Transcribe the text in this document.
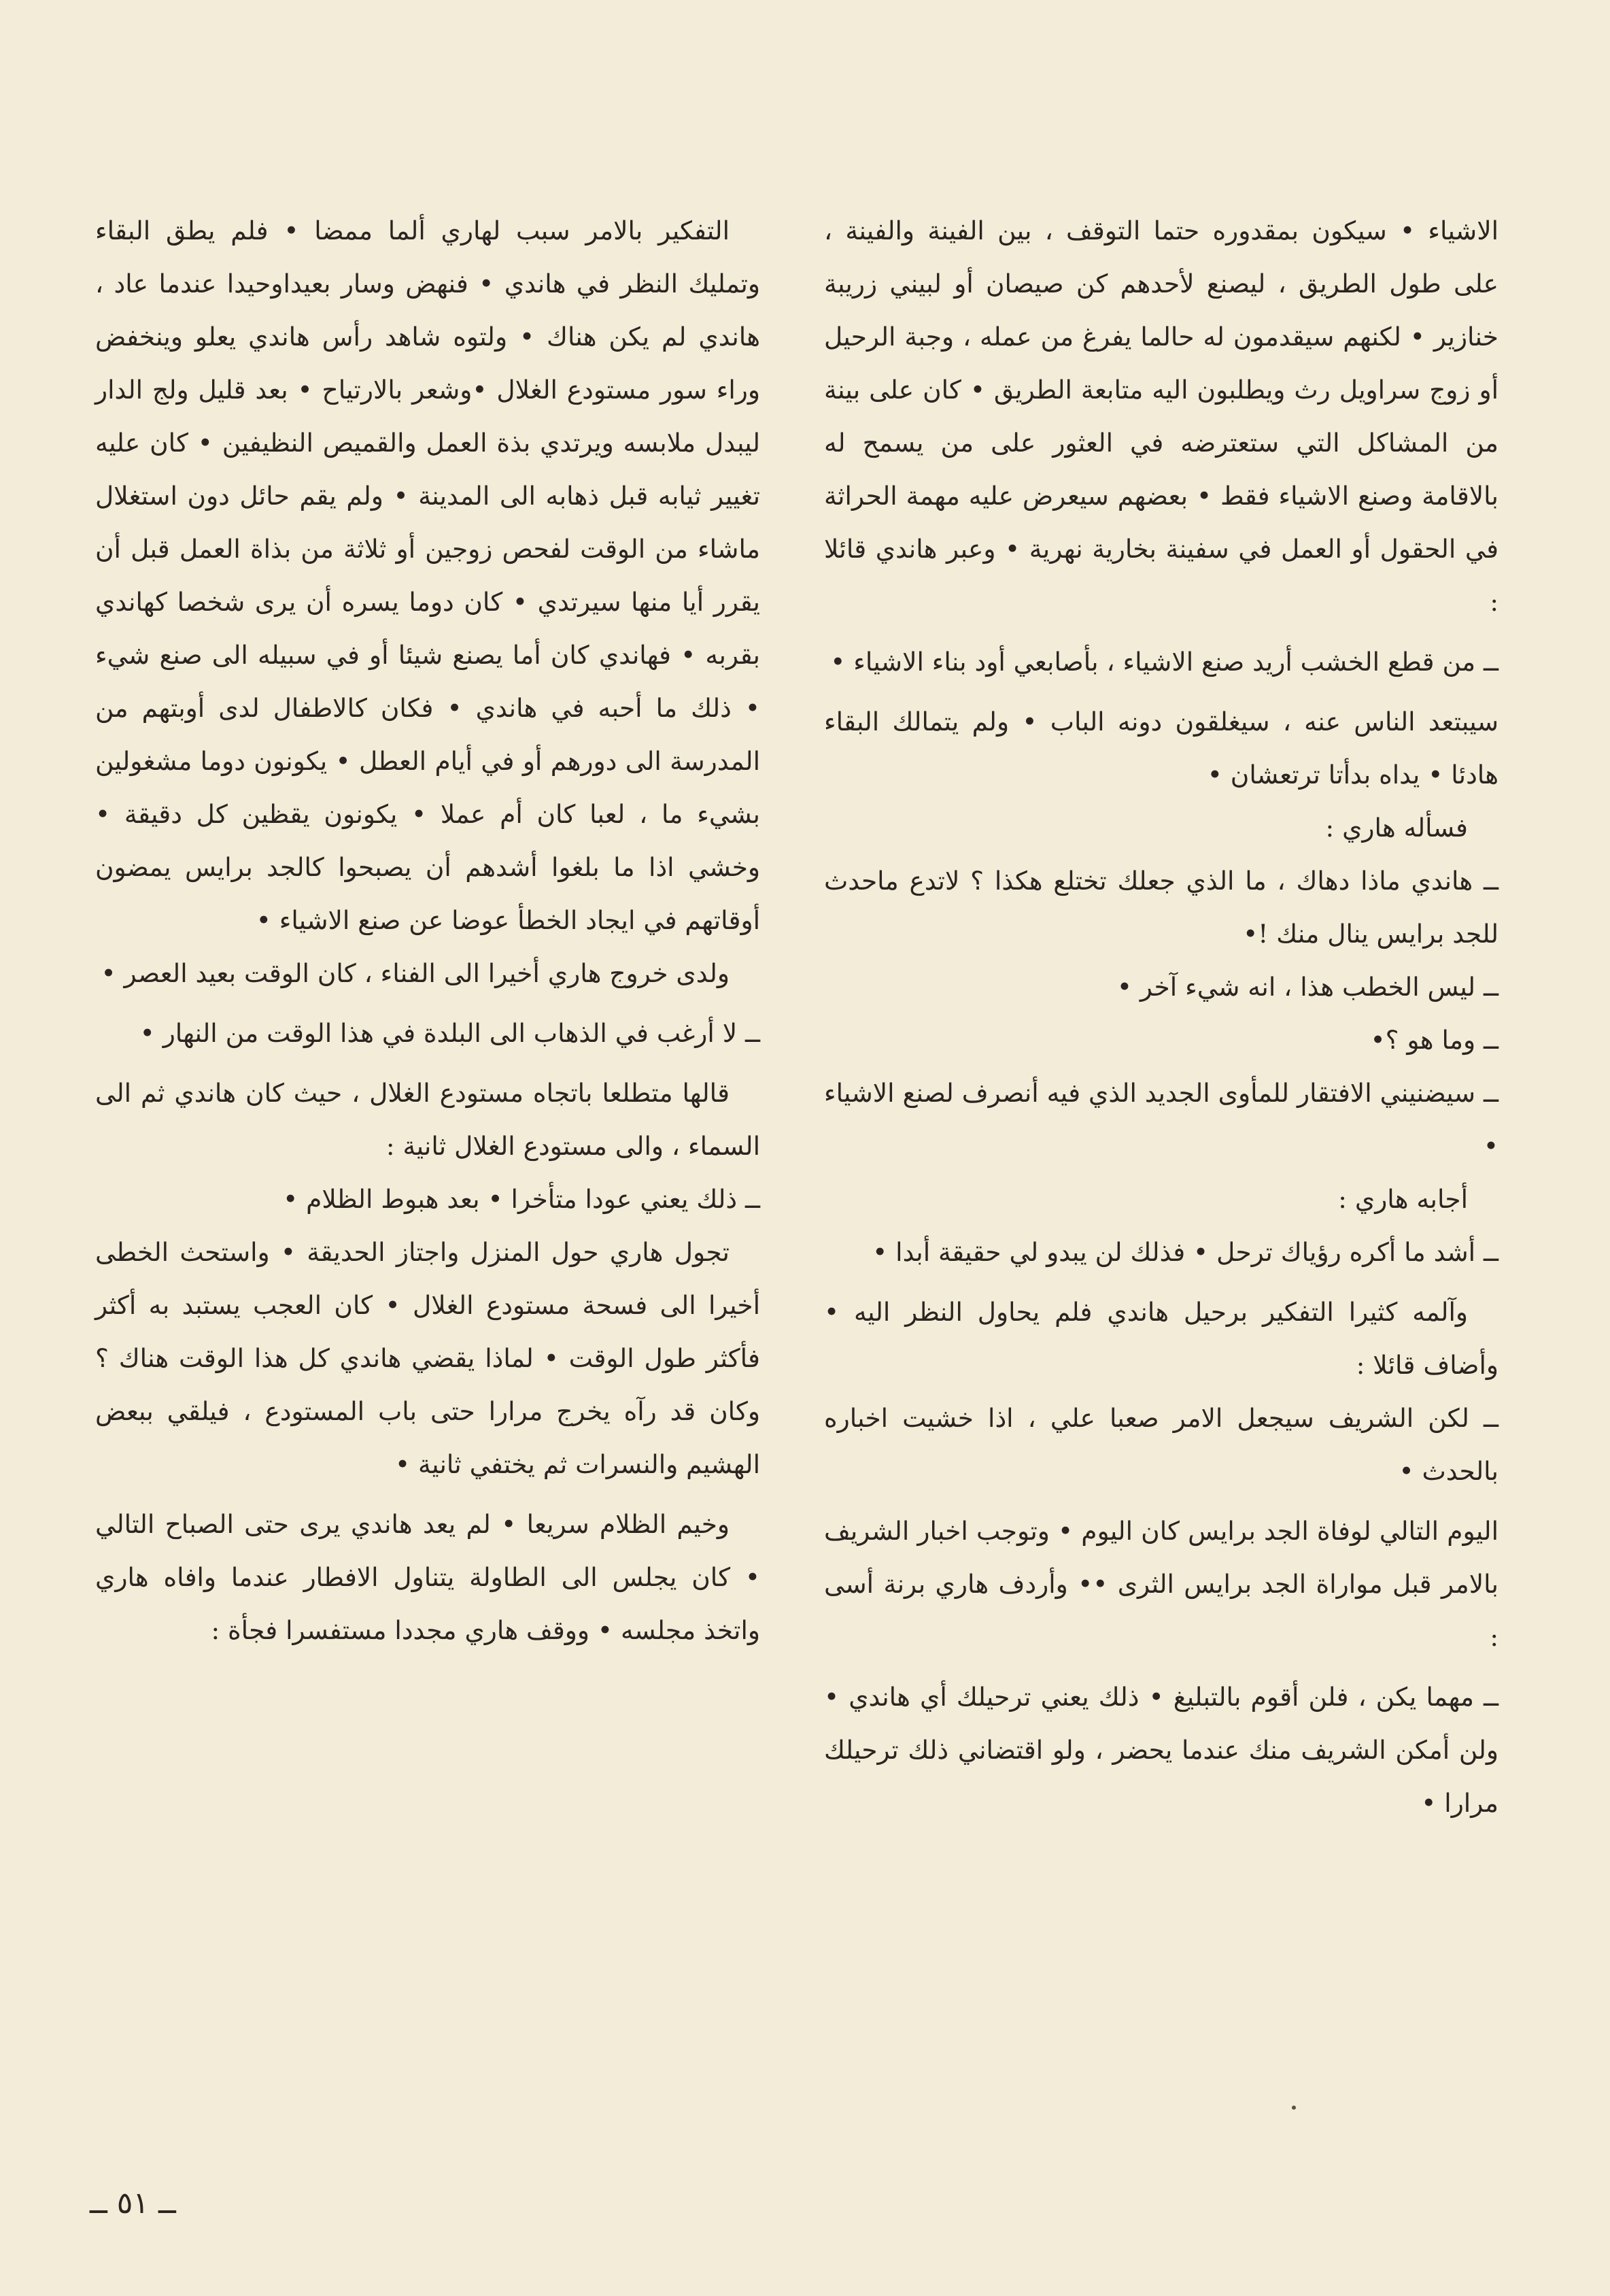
الاشياء • سيكون بمقدوره حتما التوقف ، بين الفينة والفينة ، على طول الطريق ، ليصنع لأحدهم كن صيصان أو لبيني زريبة خنازير • لكنهم سيقدمون له حالما يفرغ من عمله ، وجبة الرحيل أو زوج سراويل رث ويطلبون اليه متابعة الطريق • كان على بينة من المشاكل التي ستعترضه في العثور على من يسمح له بالاقامة وصنع الاشياء فقط • بعضهم سيعرض عليه مهمة الحراثة في الحقول أو العمل في سفينة بخارية نهرية • وعبر هاندي قائلا :

ــ من قطع الخشب أريد صنع الاشياء ، بأصابعي أود بناء الاشياء •

سيبتعد الناس عنه ، سيغلقون دونه الباب • ولم يتمالك البقاء هادئا • يداه بدأتا ترتعشان •

فسأله هاري :

ــ هاندي ماذا دهاك ، ما الذي جعلك تختلع هكذا ؟ لاتدع ماحدث للجد برايس ينال منك !•

ــ ليس الخطب هذا ، انه شيء آخر •

ــ وما هو ؟•

ــ سيضنيني الافتقار للمأوى الجديد الذي فيه أنصرف لصنع الاشياء •

أجابه هاري :

ــ أشد ما أكره رؤياك ترحل • فذلك لن يبدو لي حقيقة أبدا •

وآلمه كثيرا التفكير برحيل هاندي فلم يحاول النظر اليه • وأضاف قائلا :

ــ لكن الشريف سيجعل الامر صعبا علي ، اذا خشيت اخباره بالحدث •

اليوم التالي لوفاة الجد برايس كان اليوم • وتوجب اخبار الشريف بالامر قبل مواراة الجد برايس الثرى •• وأردف هاري برنة أسى :

ــ مهما يكن ، فلن أقوم بالتبليغ • ذلك يعني ترحيلك أي هاندي • ولن أمكن الشريف منك عندما يحضر ، ولو اقتضاني ذلك ترحيلك مرارا •

التفكير بالامر سبب لهاري ألما ممضا • فلم يطق البقاء وتمليك النظر في هاندي • فنهض وسار بعيداوحيدا عندما عاد ، هاندي لم يكن هناك • ولتوه شاهد رأس هاندي يعلو وينخفض وراء سور مستودع الغلال •وشعر بالارتياح • بعد قليل ولج الدار ليبدل ملابسه ويرتدي بذة العمل والقميص النظيفين • كان عليه تغيير ثيابه قبل ذهابه الى المدينة • ولم يقم حائل دون استغلال ماشاء من الوقت لفحص زوجين أو ثلاثة من بذاة العمل قبل أن يقرر أيا منها سيرتدي • كان دوما يسره أن يرى شخصا كهاندي بقربه • فهاندي كان أما يصنع شيئا أو في سبيله الى صنع شيء • ذلك ما أحبه في هاندي • فكان كالاطفال لدى أوبتهم من المدرسة الى دورهم أو في أيام العطل • يكونون دوما مشغولين بشيء ما ، لعبا كان أم عملا • يكونون يقظين كل دقيقة • وخشي اذا ما بلغوا أشدهم أن يصبحوا كالجد برايس يمضون أوقاتهم في ايجاد الخطأ عوضا عن صنع الاشياء •

ولدى خروج هاري أخيرا الى الفناء ، كان الوقت بعيد العصر •

ــ لا أرغب في الذهاب الى البلدة في هذا الوقت من النهار •

قالها متطلعا باتجاه مستودع الغلال ، حيث كان هاندي ثم الى السماء ، والى مستودع الغلال ثانية :

ــ ذلك يعني عودا متأخرا • بعد هبوط الظلام •

تجول هاري حول المنزل واجتاز الحديقة • واستحث الخطى أخيرا الى فسحة مستودع الغلال • كان العجب يستبد به أكثر فأكثر طول الوقت • لماذا يقضي هاندي كل هذا الوقت هناك ؟ وكان قد رآه يخرج مرارا حتى باب المستودع ، فيلقي ببعض الهشيم والنسرات ثم يختفي ثانية •

وخيم الظلام سريعا • لم يعد هاندي يرى حتى الصباح التالي • كان يجلس الى الطاولة يتناول الافطار عندما وافاه هاري واتخذ مجلسه • ووقف هاري مجددا مستفسرا فجأة :

ــ ٥١ ــ
